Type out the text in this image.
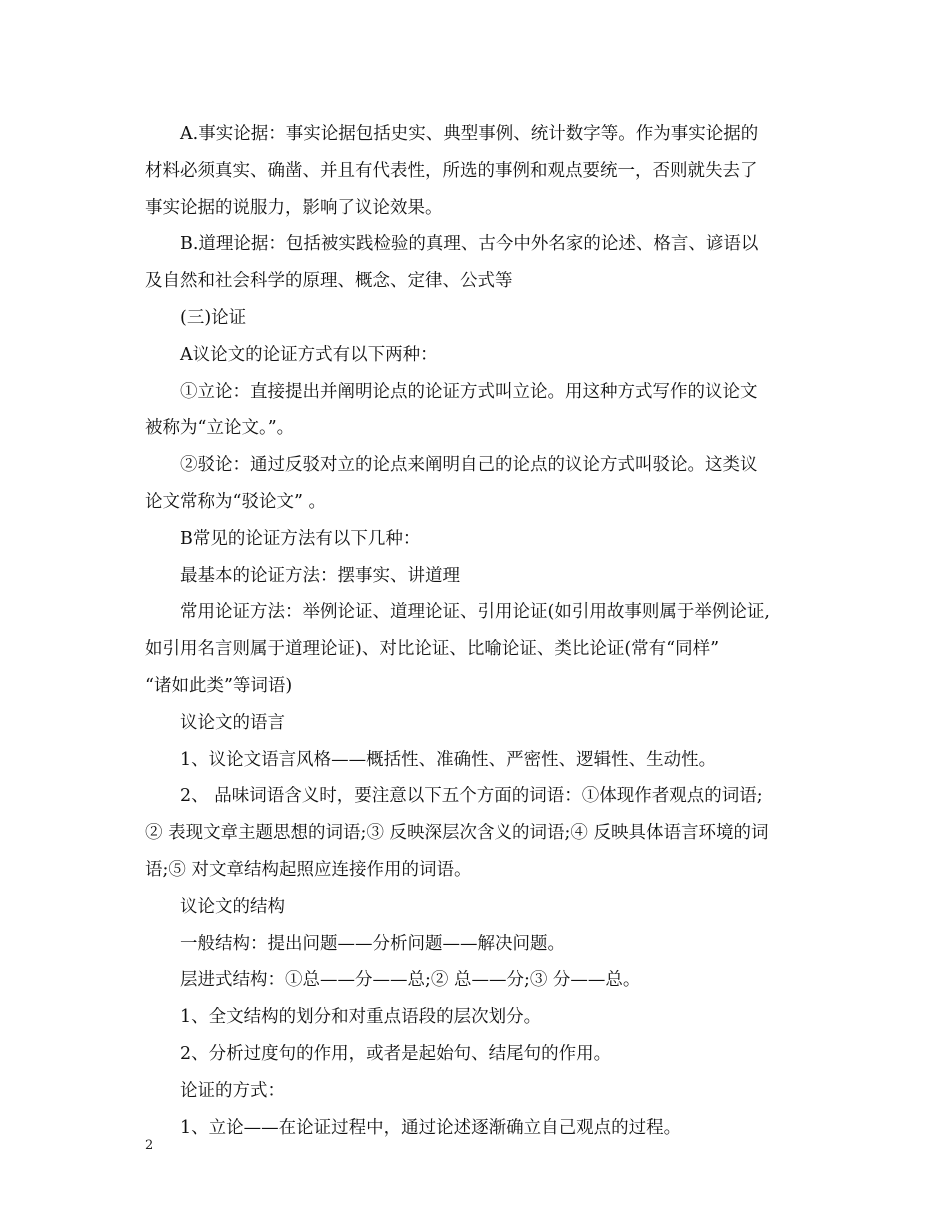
A.事实论据：事实论据包括史实、典型事例、统计数字等。作为事实论据的
材料必须真实、确凿、并且有代表性，所选的事例和观点要统一，否则就失去了
事实论据的说服力，影响了议论效果。
B.道理论据：包括被实践检验的真理、古今中外名家的论述、格言、谚语以
及自然和社会科学的原理、概念、定律、公式等
(三)论证
A议论文的论证方式有以下两种：
①立论：直接提出并阐明论点的论证方式叫立论。用这种方式写作的议论文
被称为“立论文。”。
②驳论：通过反驳对立的论点来阐明自己的论点的议论方式叫驳论。这类议
论文常称为“驳论文” 。
B常见的论证方法有以下几种：
最基本的论证方法：摆事实、讲道理
常用论证方法：举例论证、道理论证、引用论证(如引用故事则属于举例论证,
如引用名言则属于道理论证)、对比论证、比喻论证、类比论证(常有“同样”
“诸如此类”等词语)
议论文的语言
1、议论文语言风格——概括性、准确性、严密性、逻辑性、生动性。
2、 品味词语含义时，要注意以下五个方面的词语：①体现作者观点的词语;
② 表现文章主题思想的词语;③ 反映深层次含义的词语;④ 反映具体语言环境的词
语;⑤ 对文章结构起照应连接作用的词语。
议论文的结构
一般结构：提出问题——分析问题——解决问题。
层进式结构：①总——分——总;② 总——分;③ 分——总。
1、全文结构的划分和对重点语段的层次划分。
2、分析过度句的作用，或者是起始句、结尾句的作用。
论证的方式：
1、立论——在论证过程中，通过论述逐渐确立自己观点的过程。
2
